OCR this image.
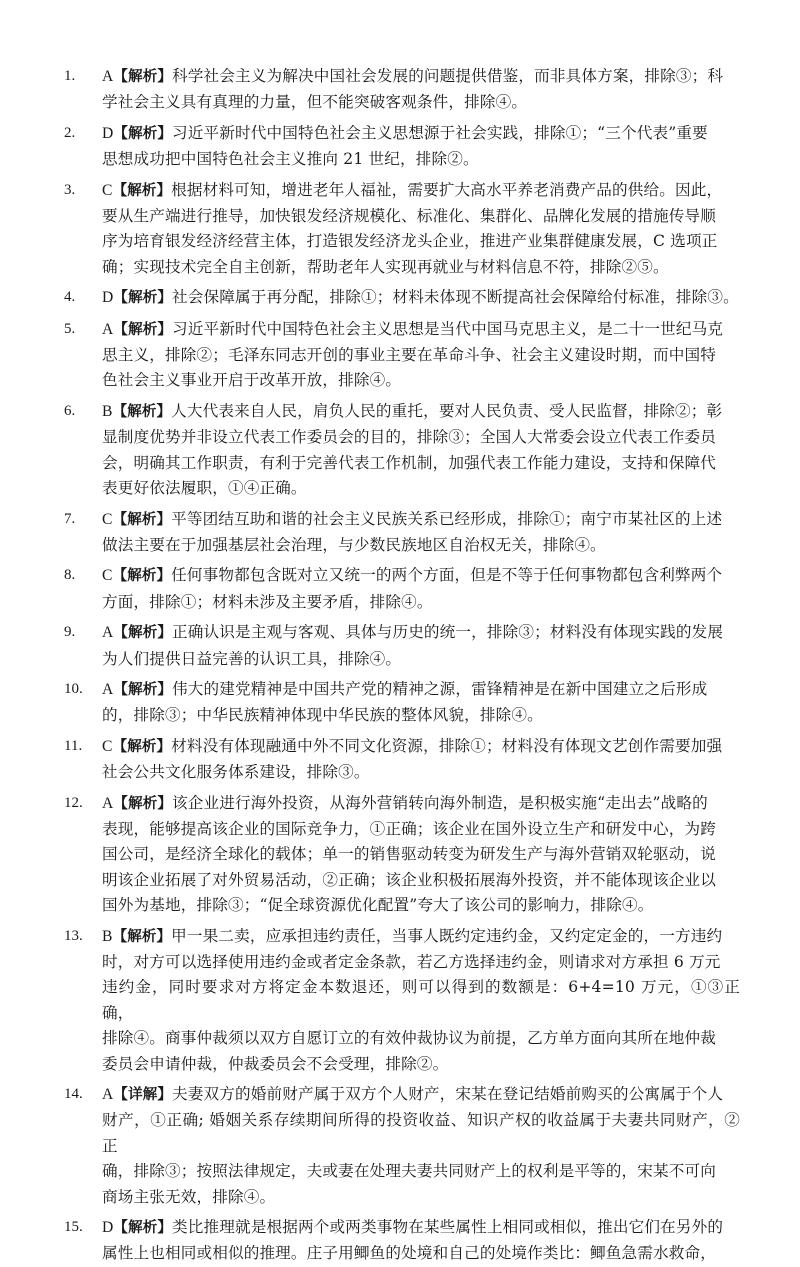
1.	A【解析】科学社会主义为解决中国社会发展的问题提供借鉴，而非具体方案，排除③；科
学社会主义具有真理的力量，但不能突破客观条件，排除④。
2.	D【解析】习近平新时代中国特色社会主义思想源于社会实践，排除①；“三个代表”重要
思想成功把中国特色社会主义推向 21 世纪，排除②。
3.	C【解析】根据材料可知，增进老年人福祉，需要扩大高水平养老消费产品的供给。因此，
要从生产端进行推导，加快银发经济规模化、标准化、集群化、品牌化发展的措施传导顺
序为培育银发经济经营主体，打造银发经济龙头企业，推进产业集群健康发展，C 选项正
确；实现技术完全自主创新，帮助老年人实现再就业与材料信息不符，排除②⑤。
4.	D【解析】社会保障属于再分配，排除①；材料未体现不断提高社会保障给付标准，排除③。
5.	A【解析】习近平新时代中国特色社会主义思想是当代中国马克思主义，是二十一世纪马克
思主义，排除②；毛泽东同志开创的事业主要在革命斗争、社会主义建设时期，而中国特
色社会主义事业开启于改革开放，排除④。
6.	B【解析】人大代表来自人民，肩负人民的重托，要对人民负责、受人民监督，排除②；彰
显制度优势并非设立代表工作委员会的目的，排除③；全国人大常委会设立代表工作委员
会，明确其工作职责，有利于完善代表工作机制，加强代表工作能力建设，支持和保障代
表更好依法履职，①④正确。
7.	C【解析】平等团结互助和谐的社会主义民族关系已经形成，排除①；南宁市某社区的上述
做法主要在于加强基层社会治理，与少数民族地区自治权无关，排除④。
8.	C【解析】任何事物都包含既对立又统一的两个方面，但是不等于任何事物都包含利弊两个
方面，排除①；材料未涉及主要矛盾，排除④。
9.	A【解析】正确认识是主观与客观、具体与历史的统一，排除③；材料没有体现实践的发展
为人们提供日益完善的认识工具，排除④。
10.	A【解析】伟大的建党精神是中国共产党的精神之源，雷锋精神是在新中国建立之后形成
的，排除③；中华民族精神体现中华民族的整体风貌，排除④。
11.	C【解析】材料没有体现融通中外不同文化资源，排除①；材料没有体现文艺创作需要加强
社会公共文化服务体系建设，排除③。
12.	A【解析】该企业进行海外投资，从海外营销转向海外制造，是积极实施“走出去”战略的
表现，能够提高该企业的国际竞争力，①正确；该企业在国外设立生产和研发中心，为跨
国公司，是经济全球化的载体；单一的销售驱动转变为研发生产与海外营销双轮驱动，说
明该企业拓展了对外贸易活动，②正确；该企业积极拓展海外投资，并不能体现该企业以
国外为基地，排除③；“促全球资源优化配置”夸大了该公司的影响力，排除④。
13.	B【解析】甲一果二卖，应承担违约责任，当事人既约定违约金，又约定定金的，一方违约
时，对方可以选择使用违约金或者定金条款，若乙方选择违约金，则请求对方承担 6 万元
违约金，同时要求对方将定金本数退还，则可以得到的数额是：6+4=10 万元，①③正确，
排除④。商事仲裁须以双方自愿订立的有效仲裁协议为前提，乙方单方面向其所在地仲裁
委员会申请仲裁，仲裁委员会不会受理，排除②。
14.	A【详解】夫妻双方的婚前财产属于双方个人财产，宋某在登记结婚前购买的公寓属于个人
财产，①正确; 婚姻关系存续期间所得的投资收益、知识产权的收益属于夫妻共同财产，②正
确，排除③；按照法律规定，夫或妻在处理夫妻共同财产上的权利是平等的，宋某不可向
商场主张无效，排除④。
15.	D【解析】类比推理就是根据两个或两类事物在某些属性上相同或相似，推出它们在另外的
属性上也相同或相似的推理。庄子用鲫鱼的处境和自己的处境作类比：鲫鱼急需水救命，
